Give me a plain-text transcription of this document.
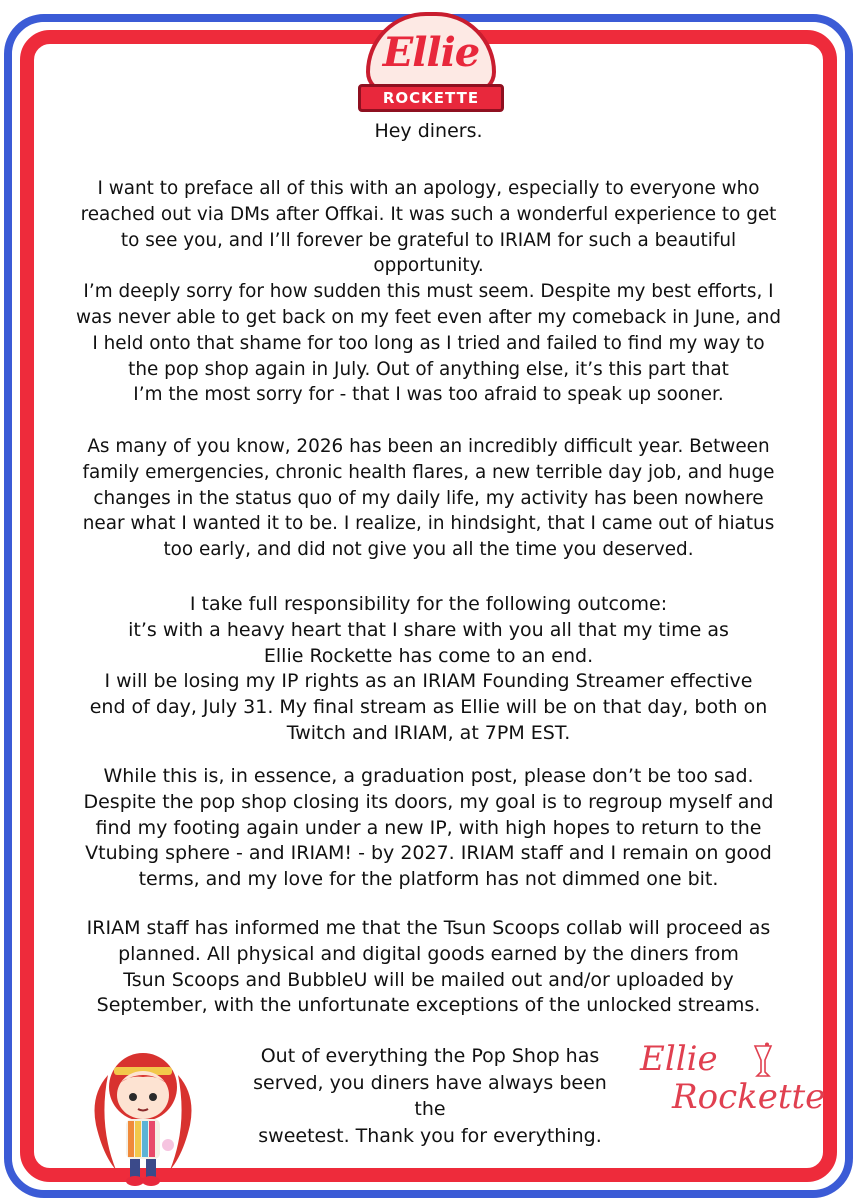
Ellie
ROCKETTE

Hey diners.

I want to preface all of this with an apology, especially to everyone who
reached out via DMs after Offkai. It was such a wonderful experience to get
to see you, and I’ll forever be grateful to IRIAM for such a beautiful
opportunity.
I’m deeply sorry for how sudden this must seem. Despite my best efforts, I
was never able to get back on my feet even after my comeback in June, and
I held onto that shame for too long as I tried and failed to find my way to
the pop shop again in July. Out of anything else, it’s this part that
I’m the most sorry for - that I was too afraid to speak up sooner.

As many of you know, 2026 has been an incredibly difficult year. Between
family emergencies, chronic health flares, a new terrible day job, and huge
changes in the status quo of my daily life, my activity has been nowhere
near what I wanted it to be. I realize, in hindsight, that I came out of hiatus
too early, and did not give you all the time you deserved.

I take full responsibility for the following outcome:
it’s with a heavy heart that I share with you all that my time as
Ellie Rockette has come to an end.
I will be losing my IP rights as an IRIAM Founding Streamer effective
end of day, July 31. My final stream as Ellie will be on that day, both on
Twitch and IRIAM, at 7PM EST.

While this is, in essence, a graduation post, please don’t be too sad.
Despite the pop shop closing its doors, my goal is to regroup myself and
find my footing again under a new IP, with high hopes to return to the
Vtubing sphere - and IRIAM! - by 2027. IRIAM staff and I remain on good
terms, and my love for the platform has not dimmed one bit.

IRIAM staff has informed me that the Tsun Scoops collab will proceed as
planned. All physical and digital goods earned by the diners from
Tsun Scoops and BubbleU will be mailed out and/or uploaded by
September, with the unfortunate exceptions of the unlocked streams.

Out of everything the Pop Shop has
served, you diners have always been the
sweetest. Thank you for everything.

Ellie
Rockette
